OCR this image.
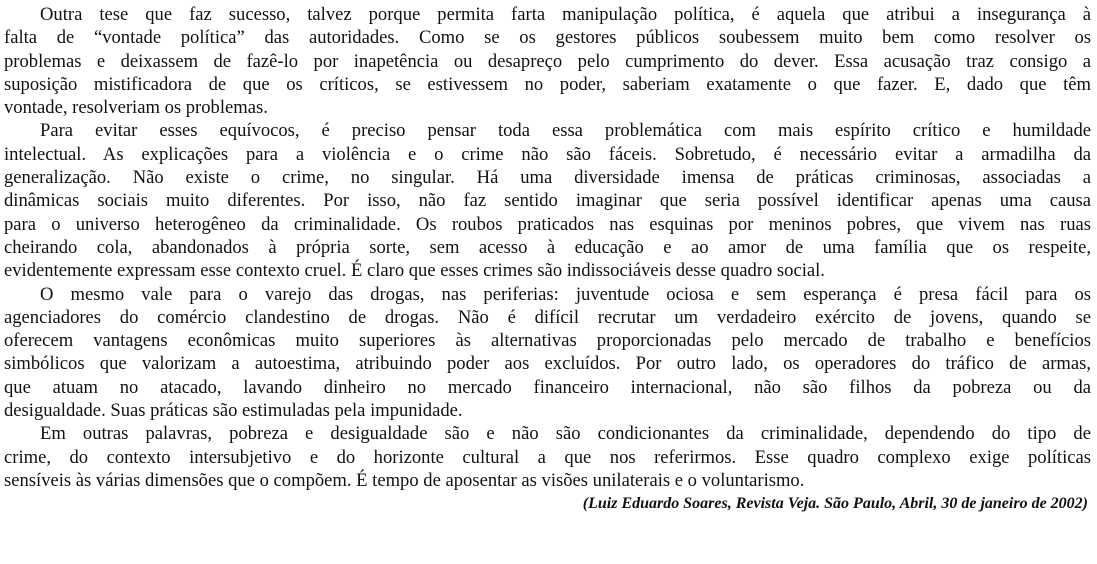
Outra tese que faz sucesso, talvez porque permita farta manipulação política, é aquela que atribui a insegurança à
falta de “vontade política” das autoridades. Como se os gestores públicos soubessem muito bem como resolver os
problemas e deixassem de fazê-lo por inapetência ou desapreço pelo cumprimento do dever. Essa acusação traz consigo a
suposição mistificadora de que os críticos, se estivessem no poder, saberiam exatamente o que fazer. E, dado que têm
vontade, resolveriam os problemas.
Para evitar esses equívocos, é preciso pensar toda essa problemática com mais espírito crítico e humildade
intelectual. As explicações para a violência e o crime não são fáceis. Sobretudo, é necessário evitar a armadilha da
generalização. Não existe o crime, no singular. Há uma diversidade imensa de práticas criminosas, associadas a
dinâmicas sociais muito diferentes. Por isso, não faz sentido imaginar que seria possível identificar apenas uma causa
para o universo heterogêneo da criminalidade. Os roubos praticados nas esquinas por meninos pobres, que vivem nas ruas
cheirando cola, abandonados à própria sorte, sem acesso à educação e ao amor de uma família que os respeite,
evidentemente expressam esse contexto cruel. É claro que esses crimes são indissociáveis desse quadro social.
O mesmo vale para o varejo das drogas, nas periferias: juventude ociosa e sem esperança é presa fácil para os
agenciadores do comércio clandestino de drogas. Não é difícil recrutar um verdadeiro exército de jovens, quando se
oferecem vantagens econômicas muito superiores às alternativas proporcionadas pelo mercado de trabalho e benefícios
simbólicos que valorizam a autoestima, atribuindo poder aos excluídos. Por outro lado, os operadores do tráfico de armas,
que atuam no atacado, lavando dinheiro no mercado financeiro internacional, não são filhos da pobreza ou da
desigualdade. Suas práticas são estimuladas pela impunidade.
Em outras palavras, pobreza e desigualdade são e não são condicionantes da criminalidade, dependendo do tipo de
crime, do contexto intersubjetivo e do horizonte cultural a que nos referirmos. Esse quadro complexo exige políticas
sensíveis às várias dimensões que o compõem. É tempo de aposentar as visões unilaterais e o voluntarismo.
(Luiz Eduardo Soares, Revista Veja. São Paulo, Abril, 30 de janeiro de 2002)
